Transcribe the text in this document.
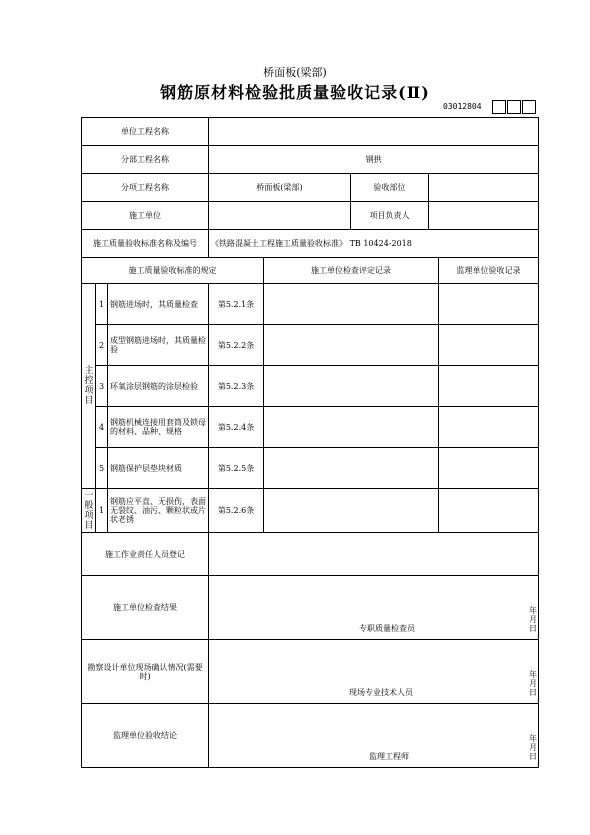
桥面板(梁部)
钢筋原材料检验批质量验收记录(Ⅱ)
03012804
单位工程名称							
分部工程名称			钢拱				
分项工程名称			桥面板(梁部)		验收部位		
施工单位					项目负责人		
施工质量验收标准名称及编号			《铁路混凝土工程施工质量验收标准》 TB 10424-2018				
施工质量验收标准的规定				施工单位检查评定记录			监理单位验收记录

主控项目	1	钢筋进场时，其质量检查	第5.2.1条				
	2	成型钢筋进场时，其质量检验	第5.2.2条				
	3	环氧涂层钢筋的涂层检验	第5.2.3条				
	4	钢筋机械连接用套筒及锁母的材料、品种、规格	第5.2.4条				
	5	钢筋保护层垫块材质	第5.2.5条				

一般项目	1	钢筋应平直、无损伤，表面无裂纹、油污、颗粒状或片状老锈	第5.2.6条				
施工作业责任人员登记							
施工单位检查结果			专职质量检查员
年　月　日				

勘察设计单位现场确认情况(需要时)			现场专业技术人员
年　月　日				

监理单位验收结论			监理工程师
年　月　日				
